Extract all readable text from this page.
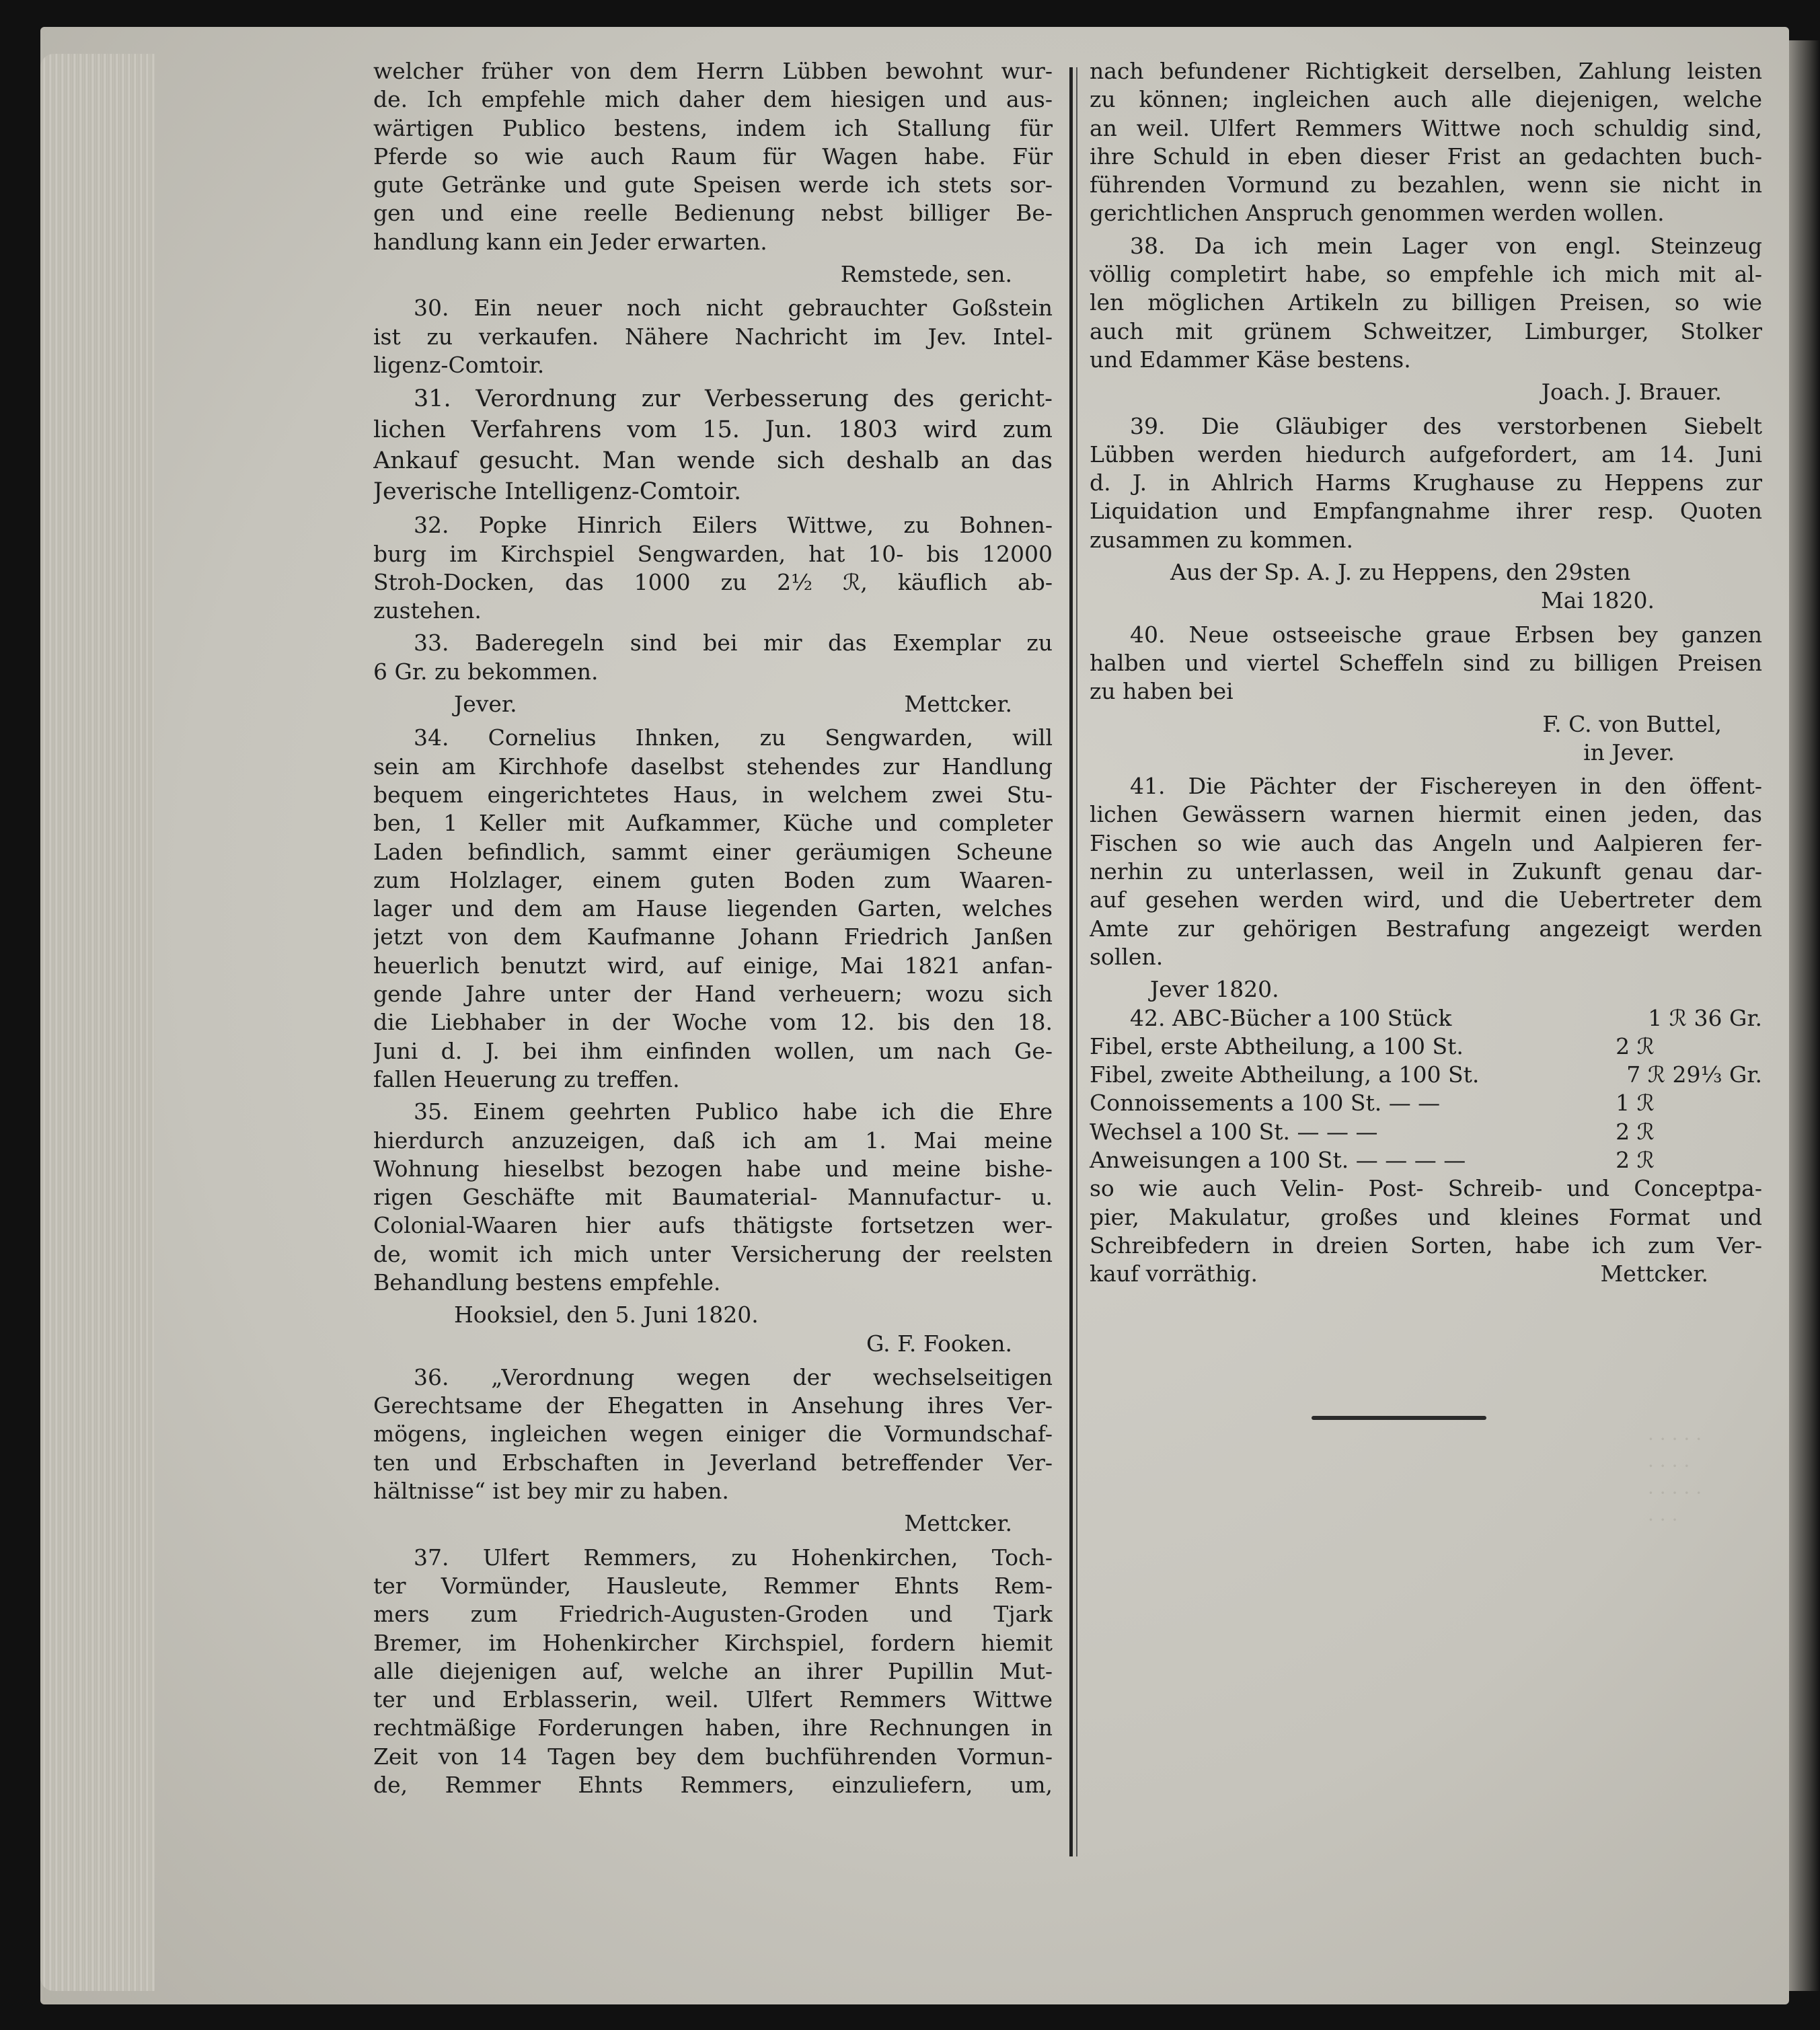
· · · · ·
· · · ·
· · · · ·
· · ·
welcher früher von dem Herrn Lübben bewohnt wur-
de. Ich empfehle mich daher dem hiesigen und aus-
wärtigen Publico bestens, indem ich Stallung für
Pferde so wie auch Raum für Wagen habe. Für
gute Getränke und gute Speisen werde ich stets sor-
gen und eine reelle Bedienung nebst billiger Be-
handlung kann ein Jeder erwarten.
Remstede, sen.
30. Ein neuer noch nicht gebrauchter Goßstein
ist zu verkaufen. Nähere Nachricht im Jev. Intel-
ligenz-Comtoir.
31. Verordnung zur Verbesserung des gericht-
lichen Verfahrens vom 15. Jun. 1803 wird zum
Ankauf gesucht. Man wende sich deshalb an das
Jeverische Intelligenz-Comtoir.
32. Popke Hinrich Eilers Wittwe, zu Bohnen-
burg im Kirchspiel Sengwarden, hat 10- bis 12000
Stroh-Docken, das 1000 zu 2½ ℛ, käuflich ab-
zustehen.
33. Baderegeln sind bei mir das Exemplar zu
6 Gr. zu bekommen.
Jever.	Mettcker.
34. Cornelius Ihnken, zu Sengwarden, will
sein am Kirchhofe daselbst stehendes zur Handlung
bequem eingerichtetes Haus, in welchem zwei Stu-
ben, 1 Keller mit Aufkammer, Küche und completer
Laden befindlich, sammt einer geräumigen Scheune
zum Holzlager, einem guten Boden zum Waaren-
lager und dem am Hause liegenden Garten, welches
jetzt von dem Kaufmanne Johann Friedrich Janßen
heuerlich benutzt wird, auf einige, Mai 1821 anfan-
gende Jahre unter der Hand verheuern; wozu sich
die Liebhaber in der Woche vom 12. bis den 18.
Juni d. J. bei ihm einfinden wollen, um nach Ge-
fallen Heuerung zu treffen.
35. Einem geehrten Publico habe ich die Ehre
hierdurch anzuzeigen, daß ich am 1. Mai meine
Wohnung hieselbst bezogen habe und meine bishe-
rigen Geschäfte mit Baumaterial- Mannufactur- u.
Colonial-Waaren hier aufs thätigste fortsetzen wer-
de, womit ich mich unter Versicherung der reelsten
Behandlung bestens empfehle.
Hooksiel, den 5. Juni 1820.
G. F. Fooken.
36. „Verordnung wegen der wechselseitigen
Gerechtsame der Ehegatten in Ansehung ihres Ver-
mögens, ingleichen wegen einiger die Vormundschaf-
ten und Erbschaften in Jeverland betreffender Ver-
hältnisse“ ist bey mir zu haben.
Mettcker.
37. Ulfert Remmers, zu Hohenkirchen, Toch-
ter Vormünder, Hausleute, Remmer Ehnts Rem-
mers zum Friedrich-Augusten-Groden und Tjark
Bremer, im Hohenkircher Kirchspiel, fordern hiemit
alle diejenigen auf, welche an ihrer Pupillin Mut-
ter und Erblasserin, weil. Ulfert Remmers Wittwe
rechtmäßige Forderungen haben, ihre Rechnungen in
Zeit von 14 Tagen bey dem buchführenden Vormun-
de, Remmer Ehnts Remmers, einzuliefern, um,
nach befundener Richtigkeit derselben, Zahlung leisten
zu können; ingleichen auch alle diejenigen, welche
an weil. Ulfert Remmers Wittwe noch schuldig sind,
ihre Schuld in eben dieser Frist an gedachten buch-
führenden Vormund zu bezahlen, wenn sie nicht in
gerichtlichen Anspruch genommen werden wollen.
38. Da ich mein Lager von engl. Steinzeug
völlig completirt habe, so empfehle ich mich mit al-
len möglichen Artikeln zu billigen Preisen, so wie
auch mit grünem Schweitzer, Limburger, Stolker
und Edammer Käse bestens.
Joach. J. Brauer.
39. Die Gläubiger des verstorbenen Siebelt
Lübben werden hiedurch aufgefordert, am 14. Juni
d. J. in Ahlrich Harms Krughause zu Heppens zur
Liquidation und Empfangnahme ihrer resp. Quoten
zusammen zu kommen.
Aus der Sp. A. J. zu Heppens, den 29sten
Mai 1820.
40. Neue ostseeische graue Erbsen bey ganzen
halben und viertel Scheffeln sind zu billigen Preisen
zu haben bei
F. C. von Buttel,
in Jever.
41. Die Pächter der Fischereyen in den öffent-
lichen Gewässern warnen hiermit einen jeden, das
Fischen so wie auch das Angeln und Aalpieren fer-
nerhin zu unterlassen, weil in Zukunft genau dar-
auf gesehen werden wird, und die Uebertreter dem
Amte zur gehörigen Bestrafung angezeigt werden
sollen.
Jever 1820.
42. ABC-Bücher a 100 Stück	1 ℛ 36 Gr.
Fibel, erste Abtheilung, a 100 St.	2 ℛ
Fibel, zweite Abtheilung, a 100 St.	7 ℛ 29⅓ Gr.
Connoissements a 100 St. — —	1 ℛ
Wechsel a 100 St. — — —	2 ℛ
Anweisungen a 100 St. — — — —	2 ℛ
so wie auch Velin- Post- Schreib- und Conceptpa-
pier, Makulatur, großes und kleines Format und
Schreibfedern in dreien Sorten, habe ich zum Ver-
kauf vorräthig.	Mettcker.
